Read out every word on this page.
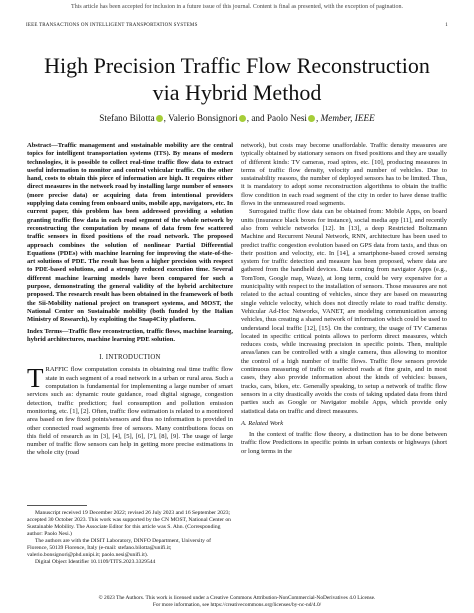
This article has been accepted for inclusion in a future issue of this journal. Content is final as presented, with the exception of pagination.
IEEE TRANSACTIONS ON INTELLIGENT TRANSPORTATION SYSTEMS	1
High Precision Traffic Flow Reconstruction
via Hybrid Method
Stefano Bilotta , Valerio Bonsignori , and Paolo Nesi , Member, IEEE
Abstract—Traffic management and sustainable mobility are the central topics for intelligent transportation systems (ITS). By means of modern technologies, it is possible to collect real-time traffic flow data to extract useful information to monitor and control vehicular traffic. On the other hand, costs to obtain this piece of information are high. It requires either direct measures in the network road by installing large number of sensors (more precise data) or acquiring data from intentional providers supplying data coming from onboard units, mobile app, navigators, etc. In current paper, this problem has been addressed providing a solution granting traffic flow data in each road segment of the whole network by reconstructing the computation by means of data from few scattered traffic sensors in fixed positions of the road network. The proposed approach combines the solution of nonlinear Partial Differential Equations (PDEs) with machine learning for improving the state-of-the-art solutions of PDE. The result has been a higher precision with respect to PDE-based solutions, and a strongly reduced execution time. Several different machine learning models have been compared for such a purpose, demonstrating the general validity of the hybrid architecture proposed. The research result has been obtained in the framework of both the Sii-Mobility national project on transport systems, and MOST, the National Center on Sustainable mobility (both funded by the Italian Ministry of Research), by exploiting the Snap4City platform.
Index Terms—Traffic flow reconstruction, traffic flows, machine learning, hybrid architectures, machine learning PDE solution.
I. INTRODUCTION
TRAFFIC flow computation consists in obtaining real time traffic flow state in each segment of a road network in a urban or rural area. Such a computation is fundamental for implementing a large number of smart services such as: dynamic route guidance, road digital signage, congestion detection, traffic prediction; fuel consumption and pollution emission monitoring, etc. [1], [2]. Often, traffic flow estimation is related to a monitored area based on few fixed points/sensors and thus no information is provided in other connected road segments free of sensors. Many contributions focus on this field of research as in [3], [4], [5], [6], [7], [8], [9]. The usage of large number of traffic flow sensors can help in getting more precise estimations in the whole city (road
Manuscript received 19 December 2022; revised 26 July 2023 and 16 September 2023; accepted 30 October 2023. This work was supported by the CN MOST, National Center on Sustainable Mobility. The Associate Editor for this article was S. Ahn. (Corresponding author: Paolo Nesi.)
The authors are with the DISIT Laboratory, DINFO Department, University of Florence, 50139 Florence, Italy (e-mail: stefano.bilotta@unifi.it; valerio.bonsignori@phd.unipi.it; paolo.nesi@unifi.it).
Digital Object Identifier 10.1109/TITS.2023.3329544
network), but costs may become unaffordable. Traffic density measures are typically obtained by stationary sensors on fixed positions and they are usually of different kinds: TV cameras, road spires, etc. [10], producing measures in terms of traffic flow density, velocity and number of vehicles. Due to sustainability reasons, the number of deployed sensors has to be limited. Thus, it is mandatory to adopt some reconstruction algorithms to obtain the traffic flow condition in each road segment of the city in order to have dense traffic flows in the unmeasured road segments.
Surrogated traffic flow data can be obtained from: Mobile Apps, on board units (insurance black boxes for instance), social media app [11], and recently also from vehicle networks [12]. In [13], a deep Restricted Boltzmann Machine and Recurrent Neural Network, RNN, architecture has been used to predict traffic congestion evolution based on GPS data from taxis, and thus on their position and velocity, etc. In [14], a smartphone-based crowd sensing system for traffic detection and measure has been proposed, where data are gathered from the handheld devices. Data coming from navigator Apps (e.g., TomTom, Google map, Waze), at long term, could be very expensive for a municipality with respect to the installation of sensors. Those measures are not related to the actual counting of vehicles, since they are based on measuring single vehicle velocity, which does not directly relate to road traffic density. Vehicular Ad-Hoc Networks, VANET, are modeling communication among vehicles, thus creating a shared network of information which could be used to understand local traffic [12], [15]. On the contrary, the usage of TV Cameras located in specific critical points allows to perform direct measures, which reduces costs, while increasing precision in specific points. Then, multiple areas/lanes can be controlled with a single camera, thus allowing to monitor the control of a high number of traffic flows. Traffic flow sensors provide continuous measuring of traffic on selected roads at fine grain, and in most cases, they also provide information about the kinds of vehicles: busses, tracks, cars, bikes, etc. Generally speaking, to setup a network of traffic flow sensors in a city drastically avoids the costs of taking updated data from third parties such as Google or Navigator mobile Apps, which provide only statistical data on traffic and direct measures.
A. Related Work
In the context of traffic flow theory, a distinction has to be done between traffic flow Predictions in specific points in urban contexts or highways (short or long terms in the
© 2023 The Authors. This work is licensed under a Creative Commons Attribution-NonCommercial-NoDerivatives 4.0 License.
For more information, see https://creativecommons.org/licenses/by-nc-nd/4.0/
